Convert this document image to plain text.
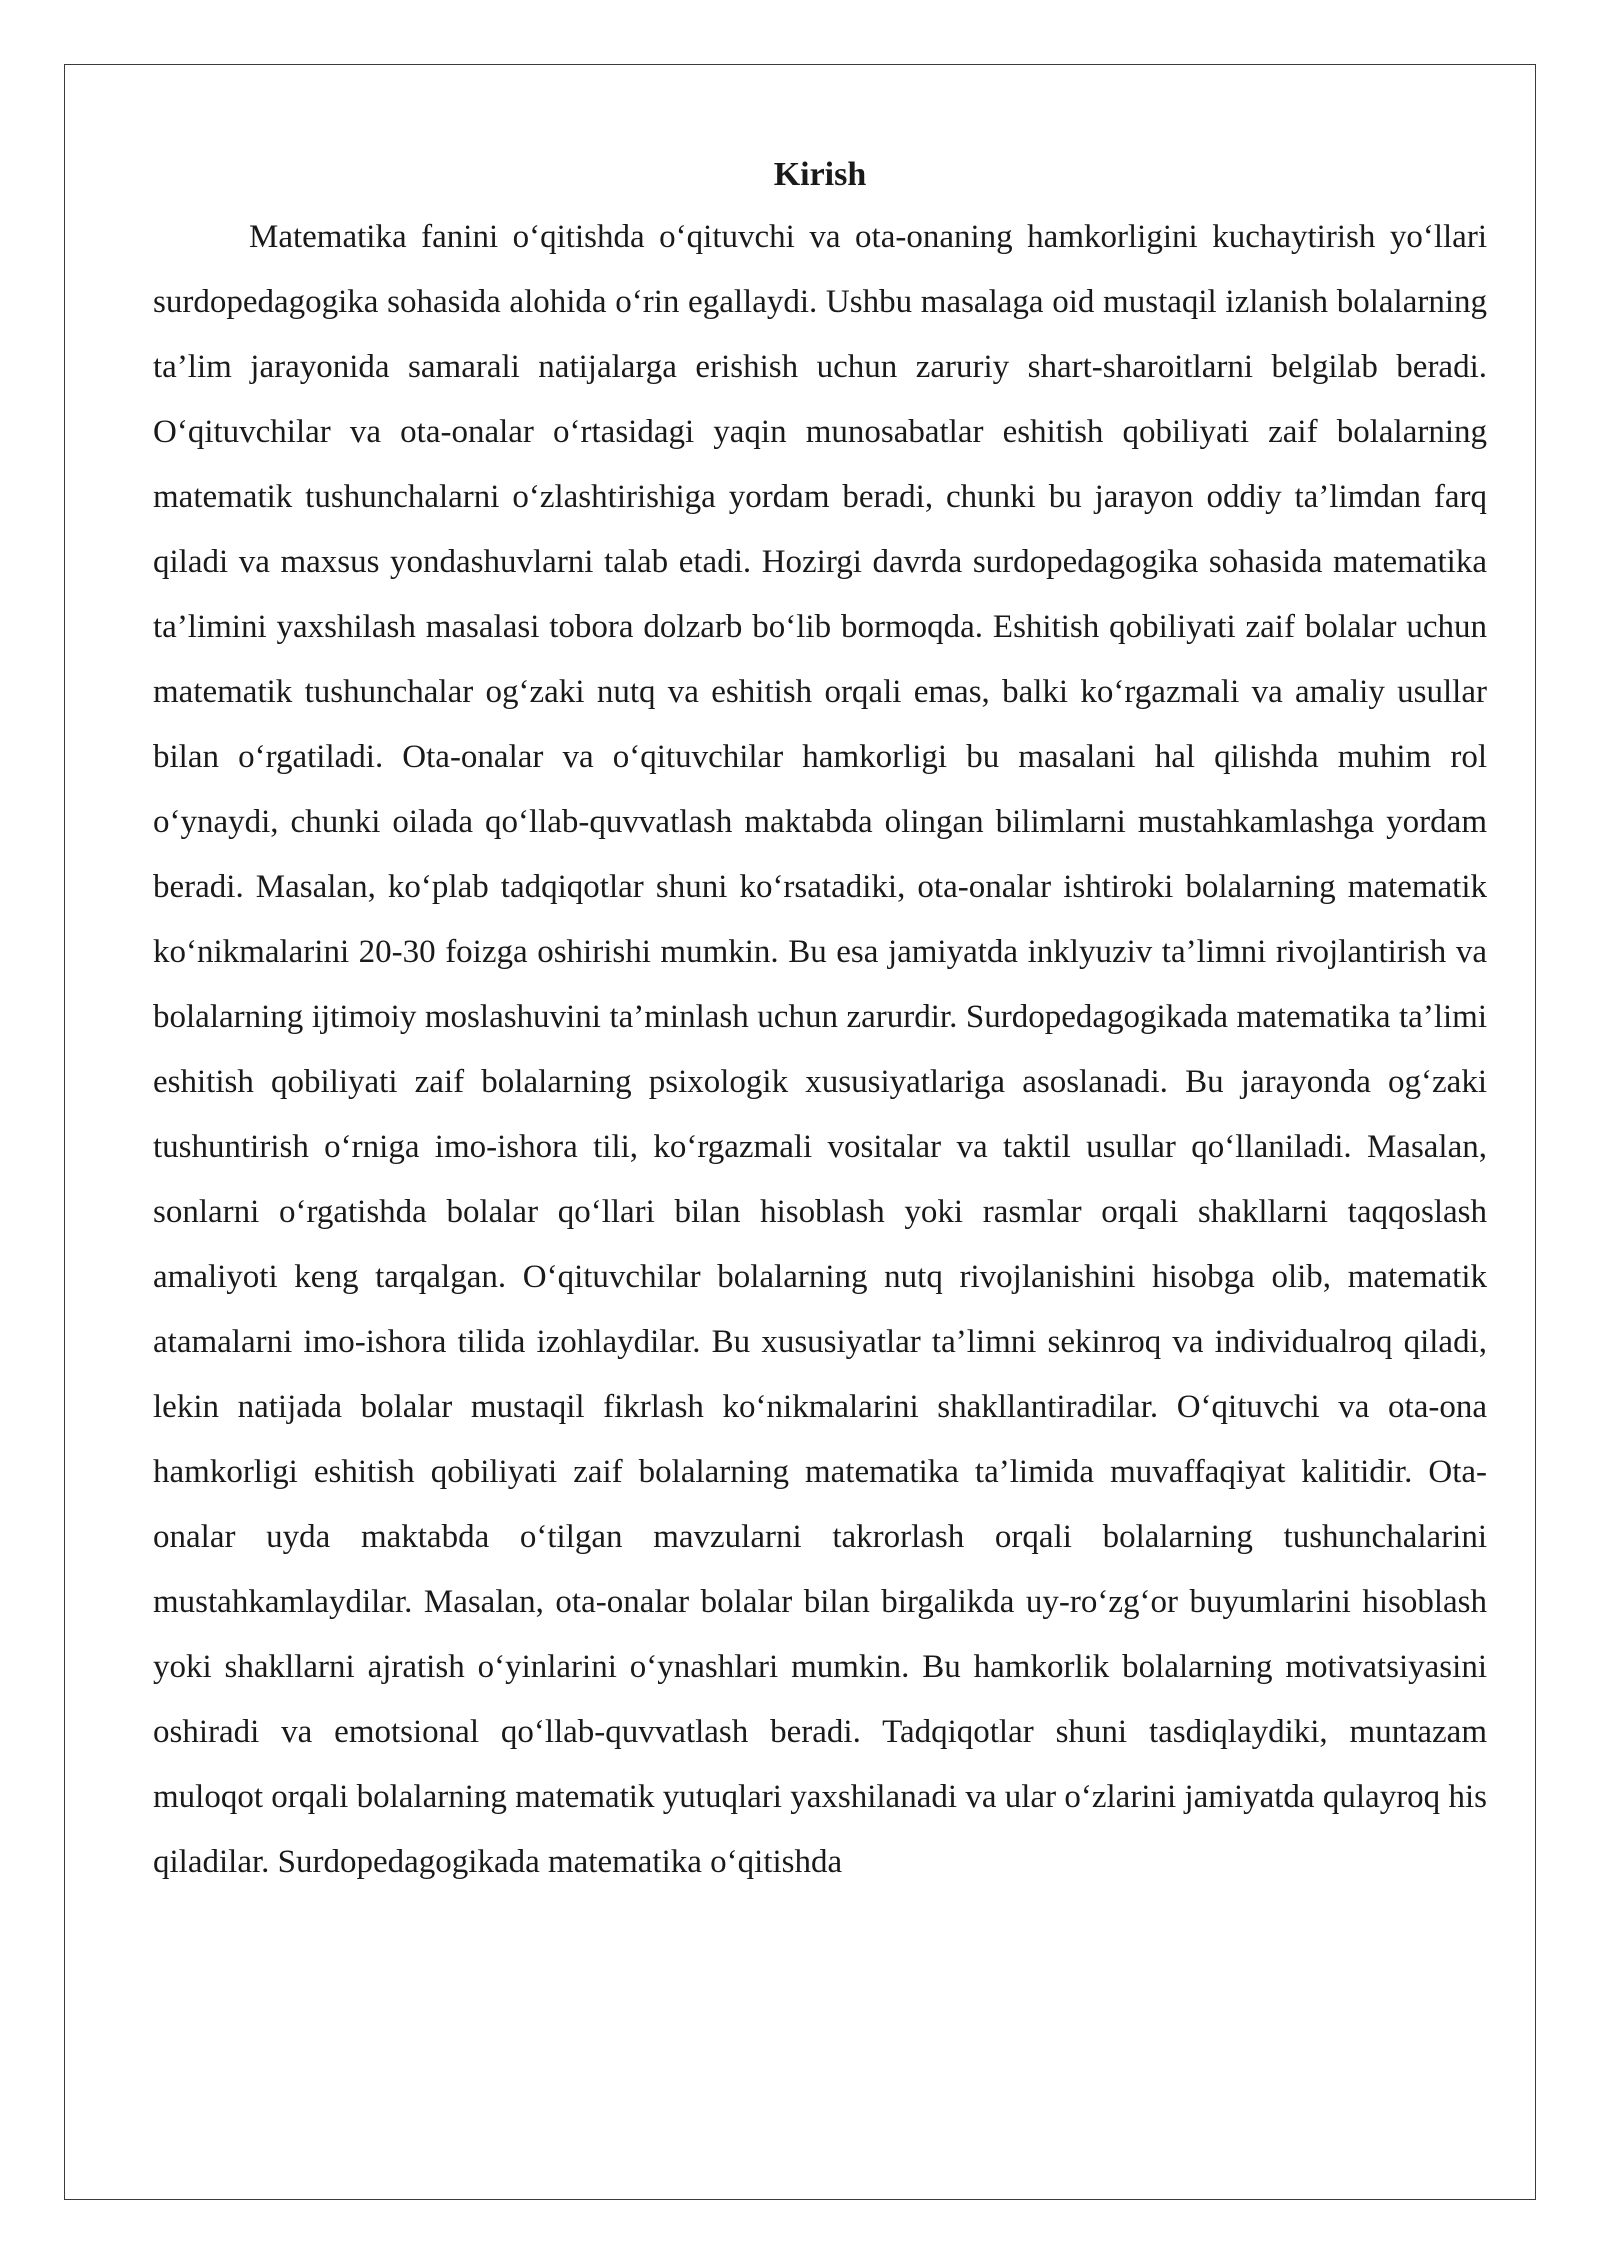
Kirish

Matematika fanini o‘qitishda o‘qituvchi va ota-onaning hamkorligini kuchaytirish yo‘llari surdopedagogika sohasida alohida o‘rin egallaydi. Ushbu masalaga oid mustaqil izlanish bolalarning ta’lim jarayonida samarali natijalarga erishish uchun zaruriy shart-sharoitlarni belgilab beradi. O‘qituvchilar va ota-onalar o‘rtasidagi yaqin munosabatlar eshitish qobiliyati zaif bolalarning matematik tushunchalarni o‘zlashtirishiga yordam beradi, chunki bu jarayon oddiy ta’limdan farq qiladi va maxsus yondashuvlarni talab etadi. Hozirgi davrda surdopedagogika sohasida matematika ta’limini yaxshilash masalasi tobora dolzarb bo‘lib bormoqda. Eshitish qobiliyati zaif bolalar uchun matematik tushunchalar og‘zaki nutq va eshitish orqali emas, balki ko‘rgazmali va amaliy usullar bilan o‘rgatiladi. Ota-onalar va o‘qituvchilar hamkorligi bu masalani hal qilishda muhim rol o‘ynaydi, chunki oilada qo‘llab-quvvatlash maktabda olingan bilimlarni mustahkamlashga yordam beradi. Masalan, ko‘plab tadqiqotlar shuni ko‘rsatadiki, ota-onalar ishtiroki bolalarning matematik ko‘nikmalarini 20-30 foizga oshirishi mumkin. Bu esa jamiyatda inklyuziv ta’limni rivojlantirish va bolalarning ijtimoiy moslashuvini ta’minlash uchun zarurdir. Surdopedagogikada matematika ta’limi eshitish qobiliyati zaif bolalarning psixologik xususiyatlariga asoslanadi. Bu jarayonda og‘zaki tushuntirish o‘rniga imo-ishora tili, ko‘rgazmali vositalar va taktil usullar qo‘llaniladi. Masalan, sonlarni o‘rgatishda bolalar qo‘llari bilan hisoblash yoki rasmlar orqali shakllarni taqqoslash amaliyoti keng tarqalgan. O‘qituvchilar bolalarning nutq rivojlanishini hisobga olib, matematik atamalarni imo-ishora tilida izohlaydilar. Bu xususiyatlar ta’limni sekinroq va individualroq qiladi, lekin natijada bolalar mustaqil fikrlash ko‘nikmalarini shakllantiradilar. O‘qituvchi va ota-ona hamkorligi eshitish qobiliyati zaif bolalarning matematika ta’limida muvaffaqiyat kalitidir. Ota-onalar uyda maktabda o‘tilgan mavzularni takrorlash orqali bolalarning tushunchalarini mustahkamlaydilar. Masalan, ota-onalar bolalar bilan birgalikda uy-ro‘zg‘or buyumlarini hisoblash yoki shakllarni ajratish o‘yinlarini o‘ynashlari mumkin. Bu hamkorlik bolalarning motivatsiyasini oshiradi va emotsional qo‘llab-quvvatlash beradi. Tadqiqotlar shuni tasdiqlaydiki, muntazam muloqot orqali bolalarning matematik yutuqlari yaxshilanadi va ular o‘zlarini jamiyatda qulayroq his qiladilar. Surdopedagogikada matematika o‘qitishda
